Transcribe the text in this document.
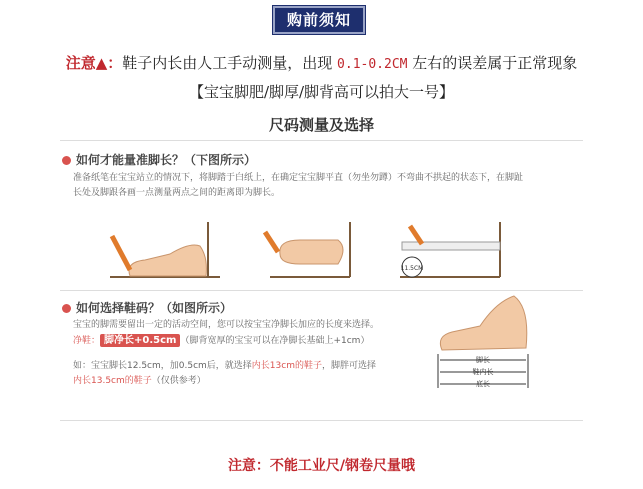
购前须知
注意▲：鞋子内长由人工手动测量，出现 0.1-0.2CM 左右的误差属于正常现象
【宝宝脚肥/脚厚/脚背高可以拍大一号】
尺码测量及选择
如何才能量准脚长？（下图所示）
准备纸笔在宝宝站立的情况下，将脚踏于白纸上，在确定宝宝脚平直（勿坐勿蹲）不弯曲不拱起的状态下，在脚趾
长处及脚跟各画一点测量两点之间的距离即为脚长。
11.5CM
如何选择鞋码？（如图所示）
宝宝的脚需要留出一定的活动空间，您可以按宝宝净脚长加应的长度来选择。
净鞋： 脚净长+0.5cm （脚背宽厚的宝宝可以在净脚长基础上+1cm）
如：宝宝脚长12.5cm，加0.5cm后，就选择内长13cm的鞋子，脚胖可选择
内长13.5cm的鞋子（仅供参考）
脚长
鞋内长
底长
注意：不能工业尺/钢卷尺量哦
